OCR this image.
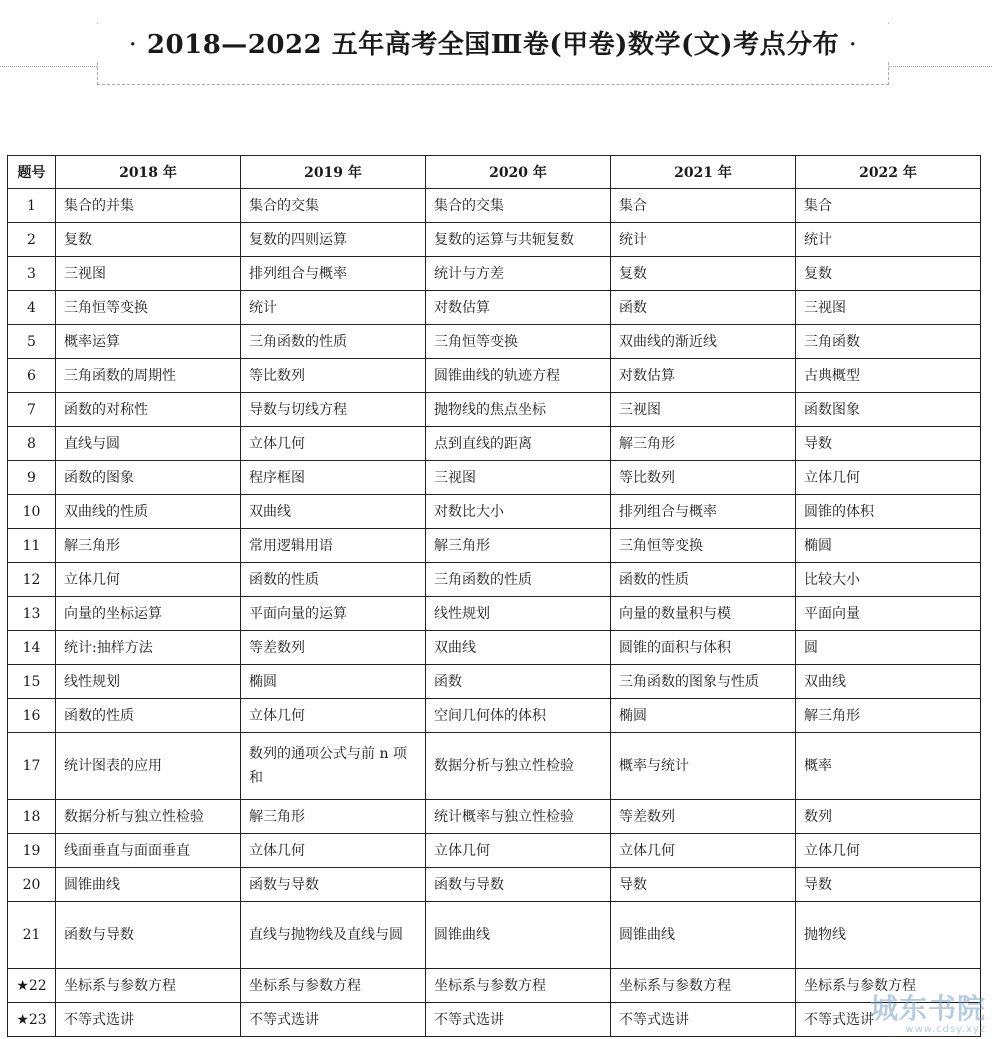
· 2018—2022 五年高考全国Ⅲ卷(甲卷)数学(文)考点分布 ·
题号	2018 年	2019 年	2020 年	2021 年	2022 年
1	集合的并集	集合的交集	集合的交集	集合	集合
2	复数	复数的四则运算	复数的运算与共轭复数	统计	统计
3	三视图	排列组合与概率	统计与方差	复数	复数
4	三角恒等变换	统计	对数估算	函数	三视图
5	概率运算	三角函数的性质	三角恒等变换	双曲线的渐近线	三角函数
6	三角函数的周期性	等比数列	圆锥曲线的轨迹方程	对数估算	古典概型
7	函数的对称性	导数与切线方程	抛物线的焦点坐标	三视图	函数图象
8	直线与圆	立体几何	点到直线的距离	解三角形	导数
9	函数的图象	程序框图	三视图	等比数列	立体几何
10	双曲线的性质	双曲线	对数比大小	排列组合与概率	圆锥的体积
11	解三角形	常用逻辑用语	解三角形	三角恒等变换	椭圆
12	立体几何	函数的性质	三角函数的性质	函数的性质	比较大小
13	向量的坐标运算	平面向量的运算	线性规划	向量的数量积与模	平面向量
14	统计:抽样方法	等差数列	双曲线	圆锥的面积与体积	圆
15	线性规划	椭圆	函数	三角函数的图象与性质	双曲线
16	函数的性质	立体几何	空间几何体的体积	椭圆	解三角形
17	统计图表的应用	数列的通项公式与前 n 项和	数据分析与独立性检验	概率与统计	概率
18	数据分析与独立性检验	解三角形	统计概率与独立性检验	等差数列	数列
19	线面垂直与面面垂直	立体几何	立体几何	立体几何	立体几何
20	圆锥曲线	函数与导数	函数与导数	导数	导数
21	函数与导数	直线与抛物线及直线与圆	圆锥曲线	圆锥曲线	抛物线
★22	坐标系与参数方程	坐标系与参数方程	坐标系与参数方程	坐标系与参数方程	坐标系与参数方程
★23	不等式选讲	不等式选讲	不等式选讲	不等式选讲	不等式选讲
城东书院
www.cdsy.xyz
